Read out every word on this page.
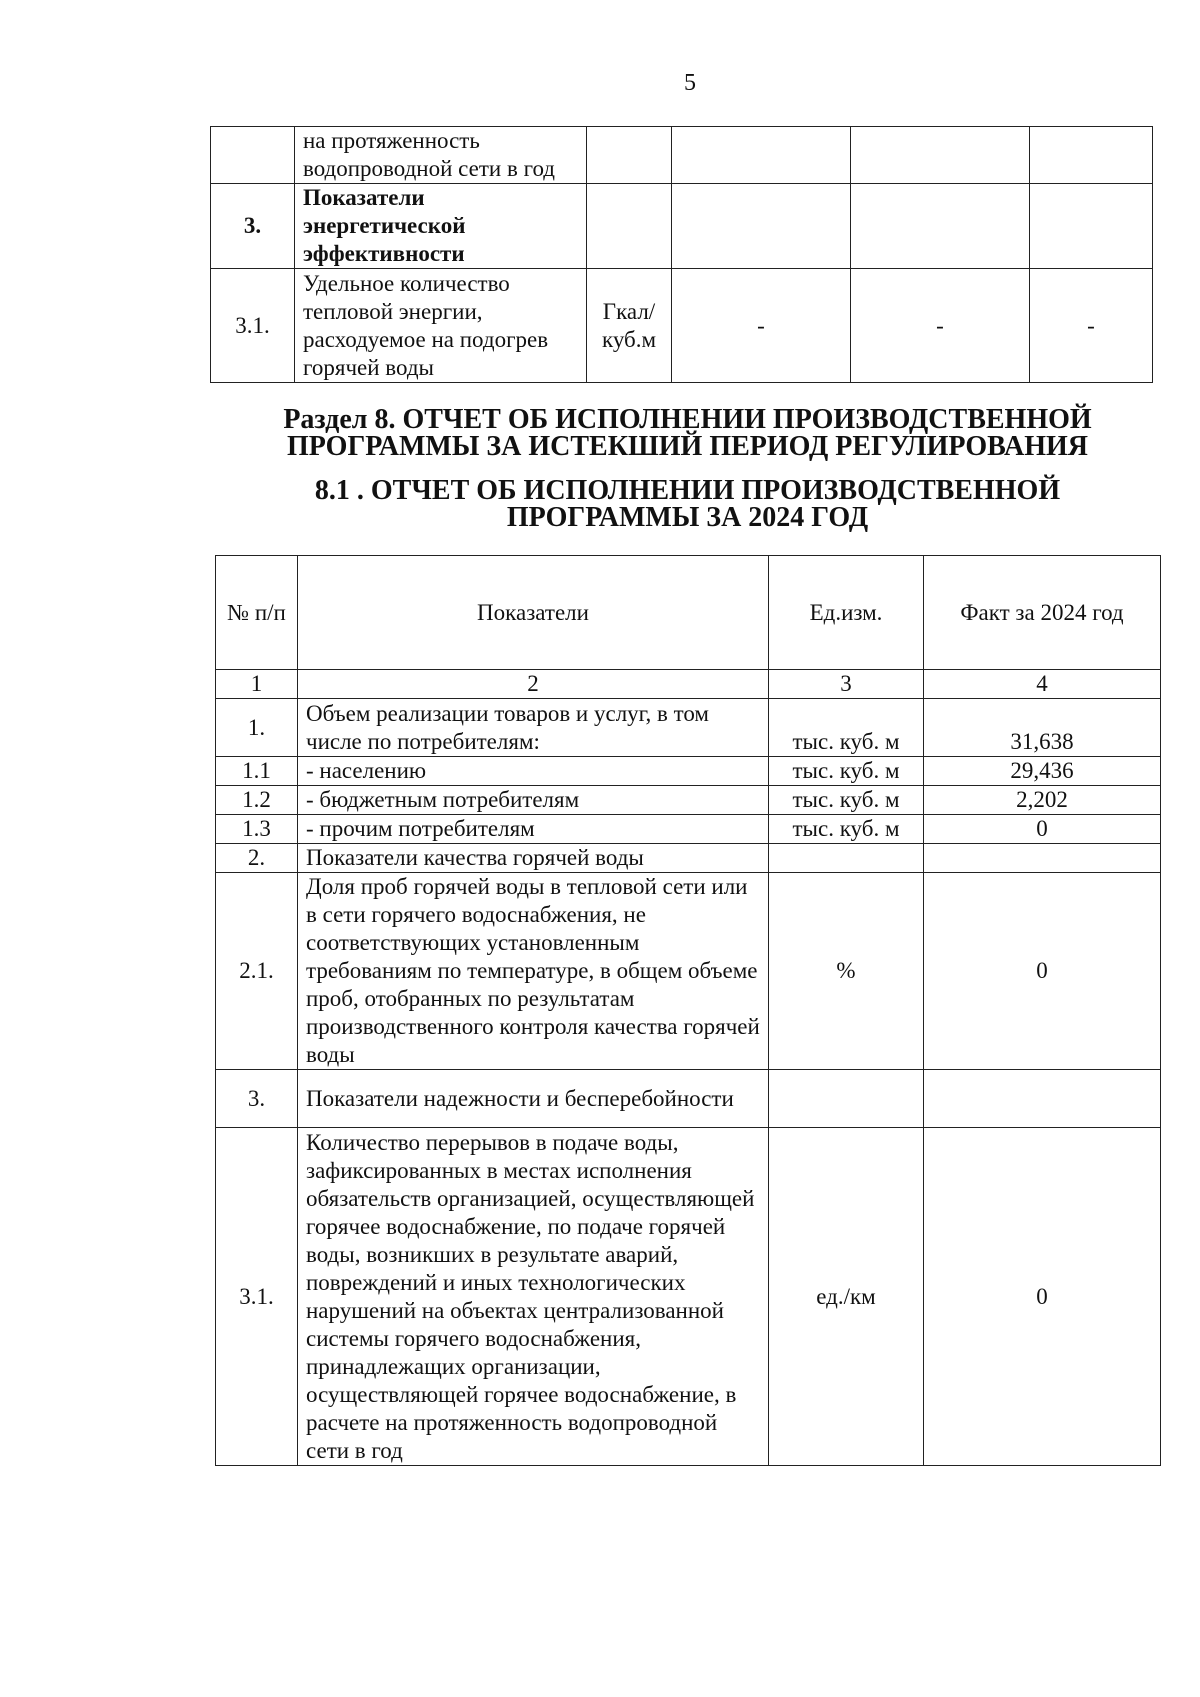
5
	на протяженность водопроводной сети в год				
3.	Показатели энергетической эффективности				
3.1.	Удельное количество тепловой энергии, расходуемое на подогрев горячей воды	Гкал/ куб.м	-	-	-
Раздел 8. ОТЧЕТ ОБ ИСПОЛНЕНИИ ПРОИЗВОДСТВЕННОЙ
ПРОГРАММЫ ЗА ИСТЕКШИЙ ПЕРИОД РЕГУЛИРОВАНИЯ
8.1 . ОТЧЕТ ОБ ИСПОЛНЕНИИ ПРОИЗВОДСТВЕННОЙ
ПРОГРАММЫ ЗА 2024 ГОД
№ п/п	Показатели	Ед.изм.	Факт за 2024 год
1	2	3	4
1.	Объем реализации товаров и услуг, в том числе по потребителям:	тыс. куб. м	31,638
1.1	- населению	тыс. куб. м	29,436
1.2	- бюджетным потребителям	тыс. куб. м	2,202
1.3	- прочим потребителям	тыс. куб. м	0
2.	Показатели качества горячей воды		
2.1.	Доля проб горячей воды в тепловой сети или в сети горячего водоснабжения, не соответствующих установленным требованиям по температуре, в общем объеме проб, отобранных по результатам производственного контроля качества горячей воды	%	0
3.	Показатели надежности и бесперебойности		
3.1.	Количество перерывов в подаче воды, зафиксированных в местах исполнения обязательств организацией, осуществляющей горячее водоснабжение, по подаче горячей воды, возникших в результате аварий, повреждений и иных технологических нарушений на объектах централизованной системы горячего водоснабжения, принадлежащих организации, осуществляющей горячее водоснабжение, в расчете на протяженность водопроводной сети в год	ед./км	0
